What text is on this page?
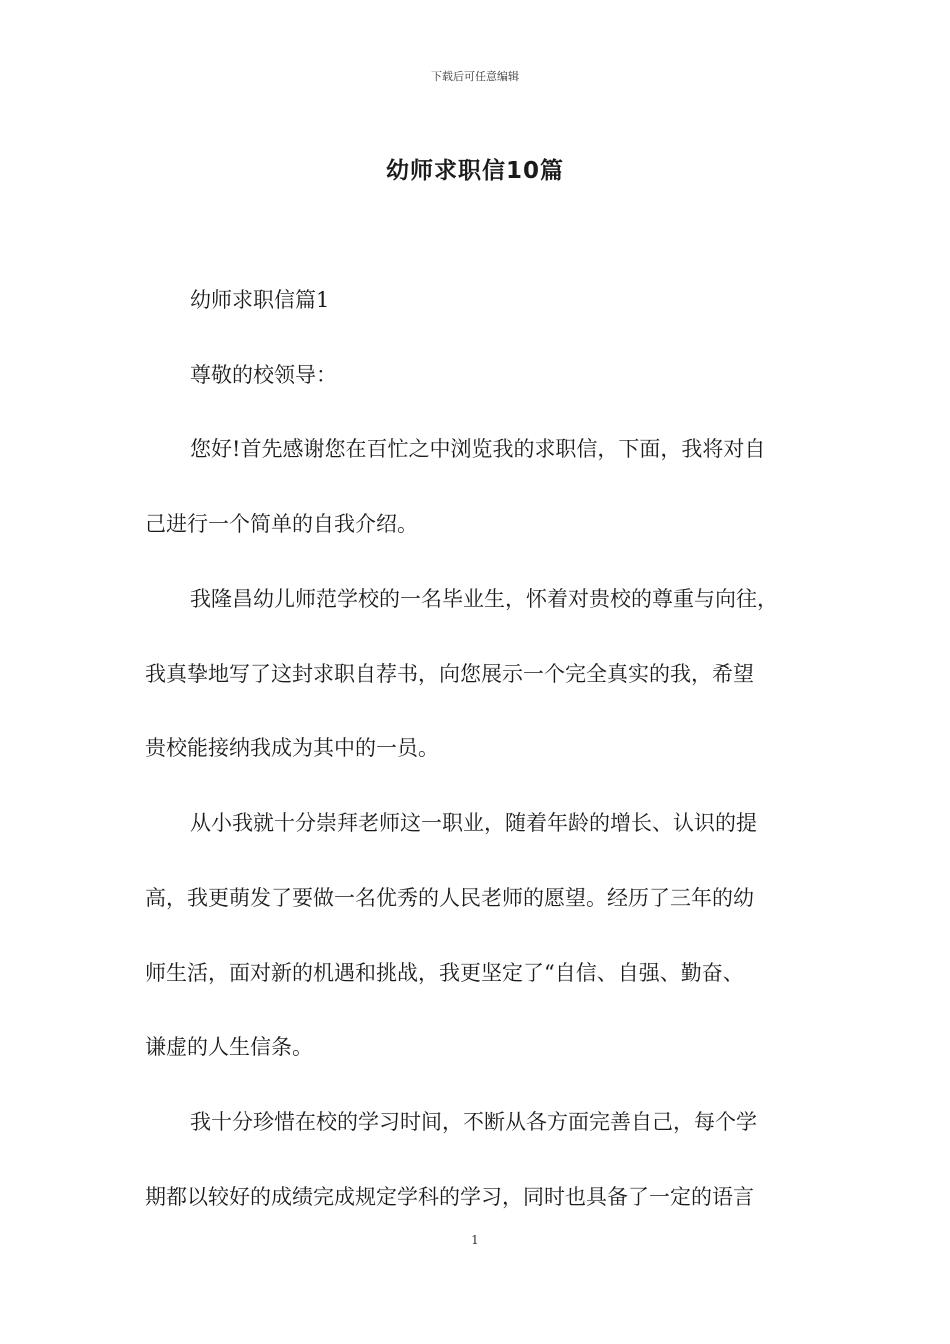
下载后可任意编辑
幼师求职信10篇
幼师求职信篇1
尊敬的校领导：
您好!首先感谢您在百忙之中浏览我的求职信，下面，我将对自
己进行一个简单的自我介绍。
我隆昌幼儿师范学校的一名毕业生，怀着对贵校的尊重与向往，
我真挚地写了这封求职自荐书，向您展示一个完全真实的我，希望
贵校能接纳我成为其中的一员。
从小我就十分崇拜老师这一职业，随着年龄的增长、认识的提
高，我更萌发了要做一名优秀的人民老师的愿望。经历了三年的幼
师生活，面对新的机遇和挑战，我更坚定了“自信、自强、勤奋、
谦虚的人生信条。
我十分珍惜在校的学习时间，不断从各方面完善自己，每个学
期都以较好的成绩完成规定学科的学习，同时也具备了一定的语言
1
